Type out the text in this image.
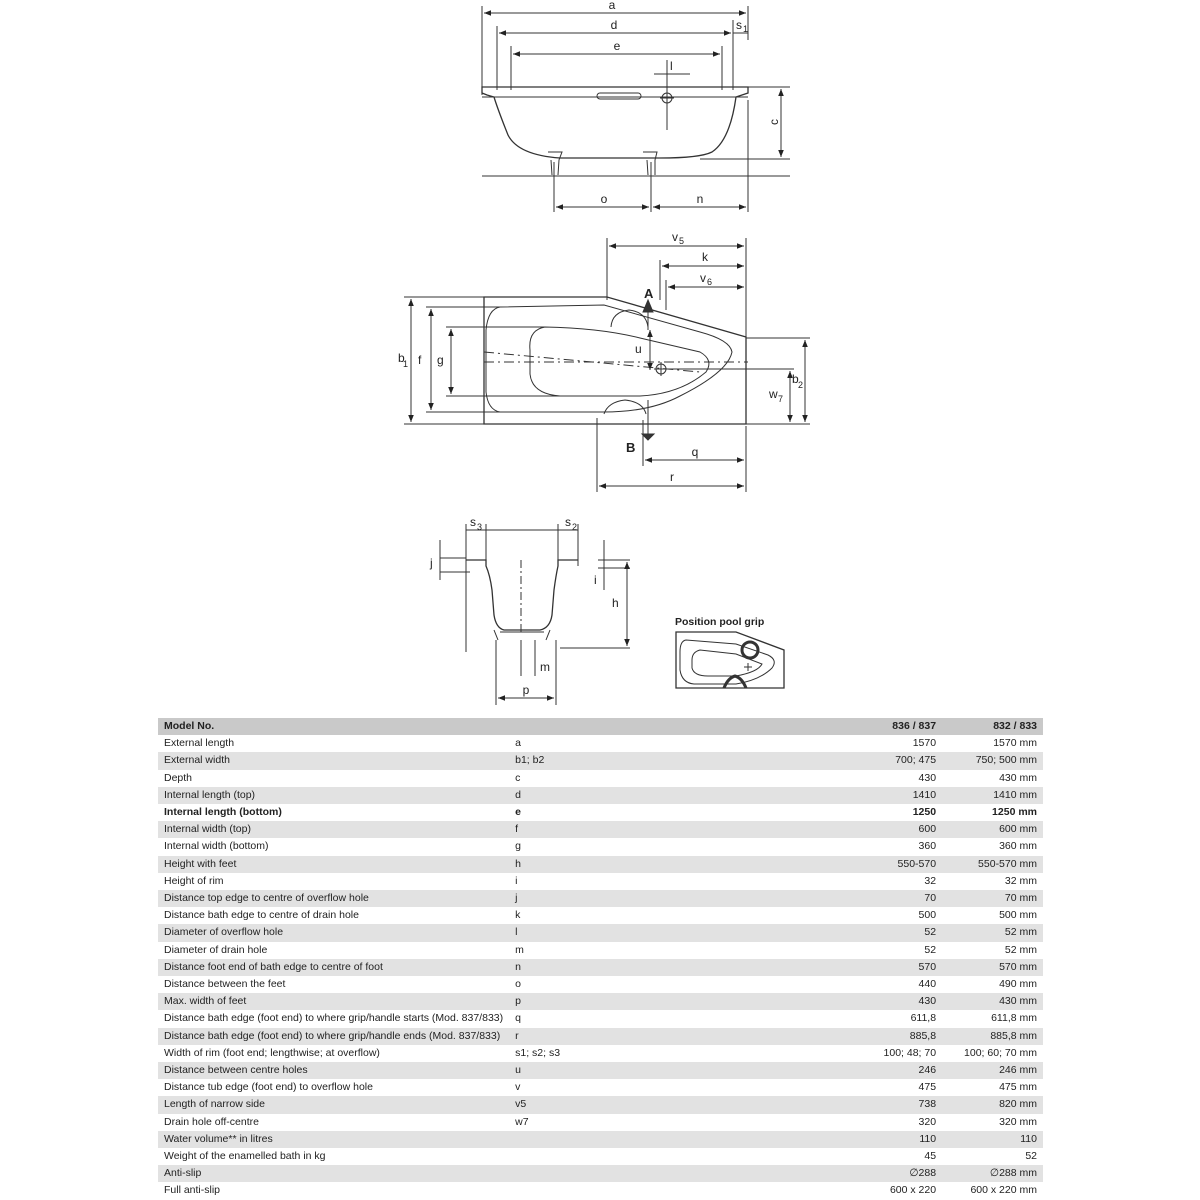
a
d	s 1
e
l
c
o	n
v 5
k
v 6
A
b
1 f g
u
w 7
b 2
B	q
r
s 3	s 2
j
i
h
m
p
Position pool grip
Model No.		836 / 837	832 / 833
External length	a	1570	1570 mm
External width	b1; b2	700; 475	750; 500 mm
Depth	c	430	430 mm
Internal length (top)	d	1410	1410 mm
Internal length (bottom)	e	1250	1250 mm
Internal width (top)	f	600	600 mm
Internal width (bottom)	g	360	360 mm
Height with feet	h	550-570	550-570 mm
Height of rim	i	32	32 mm
Distance top edge to centre of overflow hole	j	70	70 mm
Distance bath edge to centre of drain hole	k	500	500 mm
Diameter of overflow hole	l	52	52 mm
Diameter of drain hole	m	52	52 mm
Distance foot end of bath edge to centre of foot	n	570	570 mm
Distance between the feet	o	440	490 mm
Max. width of feet	p	430	430 mm
Distance bath edge (foot end) to where grip/handle starts (Mod. 837/833)	q	611,8	611,8 mm
Distance bath edge (foot end) to where grip/handle ends (Mod. 837/833)	r	885,8	885,8 mm
Width of rim (foot end; lengthwise; at overflow)	s1; s2; s3	100; 48; 70	100; 60; 70 mm
Distance between centre holes	u	246	246 mm
Distance tub edge (foot end) to overflow hole	v	475	475 mm
Length of narrow side	v5	738	820 mm
Drain hole off-centre	w7	320	320 mm
Water volume** in litres		110	110
Weight of the enamelled bath in kg		45	52
Anti-slip		∅288	∅288 mm
Full anti-slip		600 x 220	600 x 220 mm
